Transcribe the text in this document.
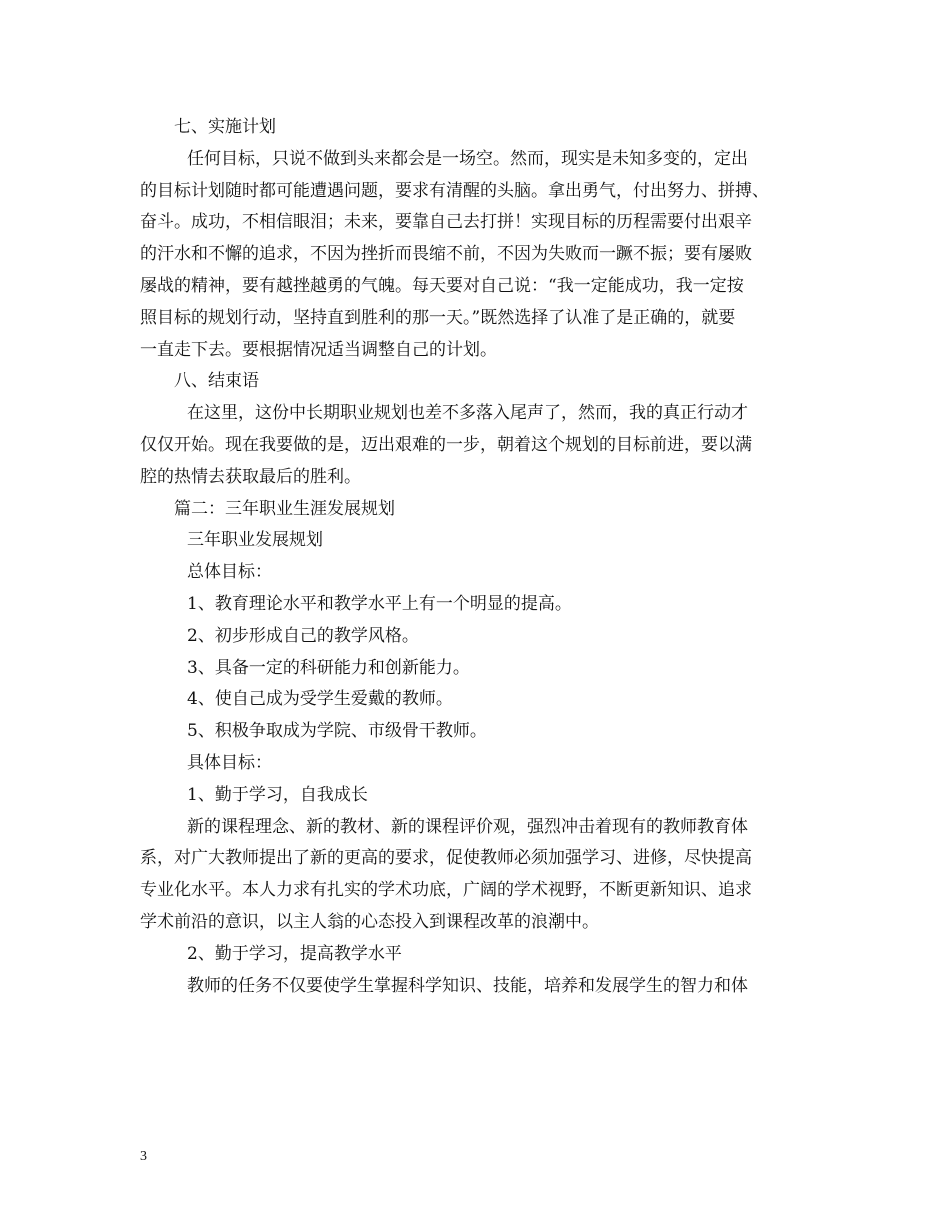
七、实施计划
任何目标，只说不做到头来都会是一场空。然而，现实是未知多变的，定出
的目标计划随时都可能遭遇问题，要求有清醒的头脑。拿出勇气，付出努力、拼搏、
奋斗。成功，不相信眼泪；未来，要靠自己去打拼！实现目标的历程需要付出艰辛
的汗水和不懈的追求，不因为挫折而畏缩不前，不因为失败而一蹶不振；要有屡败
屡战的精神，要有越挫越勇的气魄。每天要对自己说：“我一定能成功，我一定按
照目标的规划行动，坚持直到胜利的那一天。”既然选择了认准了是正确的，就要
一直走下去。要根据情况适当调整自己的计划。
八、结束语
在这里，这份中长期职业规划也差不多落入尾声了，然而，我的真正行动才
仅仅开始。现在我要做的是，迈出艰难的一步，朝着这个规划的目标前进，要以满
腔的热情去获取最后的胜利。
篇二：三年职业生涯发展规划
三年职业发展规划
总体目标：
1、教育理论水平和教学水平上有一个明显的提高。
2、初步形成自己的教学风格。
3、具备一定的科研能力和创新能力。
4、使自己成为受学生爱戴的教师。
5、积极争取成为学院、市级骨干教师。
具体目标：
1、勤于学习，自我成长
新的课程理念、新的教材、新的课程评价观，强烈冲击着现有的教师教育体
系，对广大教师提出了新的更高的要求，促使教师必须加强学习、进修，尽快提高
专业化水平。本人力求有扎实的学术功底，广阔的学术视野，不断更新知识、追求
学术前沿的意识，以主人翁的心态投入到课程改革的浪潮中。
2、勤于学习，提高教学水平
教师的任务不仅要使学生掌握科学知识、技能，培养和发展学生的智力和体
3
